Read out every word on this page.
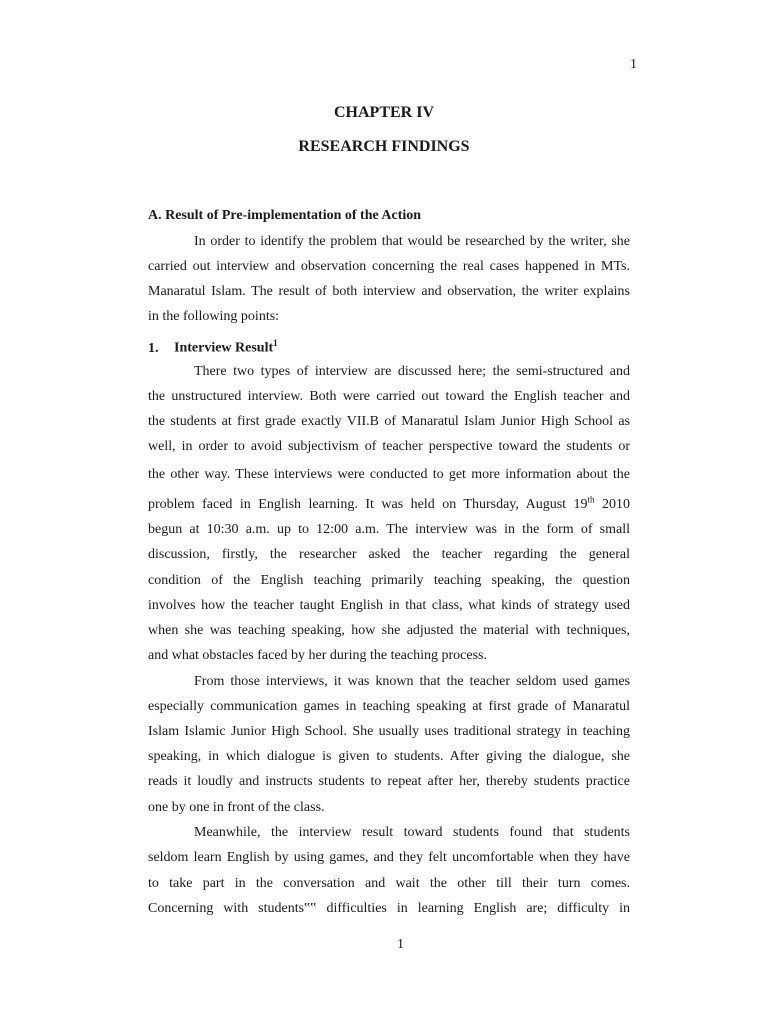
1
CHAPTER IV
RESEARCH FINDINGS
A. Result of Pre-implementation of the Action
In order to identify the problem that would be researched by the writer, she
carried out interview and observation concerning the real cases happened in MTs.
Manaratul Islam. The result of both interview and observation, the writer explains
in the following points:
1. Interview Result$^1$
There two types of interview are discussed here; the semi-structured and
the unstructured interview. Both were carried out toward the English teacher and
the students at first grade exactly VII.B of Manaratul Islam Junior High School as
well, in order to avoid subjectivism of teacher perspective toward the students or
the other way. These interviews were conducted to get more information about the
problem faced in English learning. It was held on Thursday, August 19th 2010
begun at 10:30 a.m. up to 12:00 a.m. The interview was in the form of small
discussion, firstly, the researcher asked the teacher regarding the general
condition of the English teaching primarily teaching speaking, the question
involves how the teacher taught English in that class, what kinds of strategy used
when she was teaching speaking, how she adjusted the material with techniques,
and what obstacles faced by her during the teaching process.
From those interviews, it was known that the teacher seldom used games
especially communication games in teaching speaking at first grade of Manaratul
Islam Islamic Junior High School. She usually uses traditional strategy in teaching
speaking, in which dialogue is given to students. After giving the dialogue, she
reads it loudly and instructs students to repeat after her, thereby students practice
one by one in front of the class.
Meanwhile, the interview result toward students found that students
seldom learn English by using games, and they felt uncomfortable when they have
to take part in the conversation and wait the other till their turn comes.
Concerning with students‟‟ difficulties in learning English are; difficulty in
1
